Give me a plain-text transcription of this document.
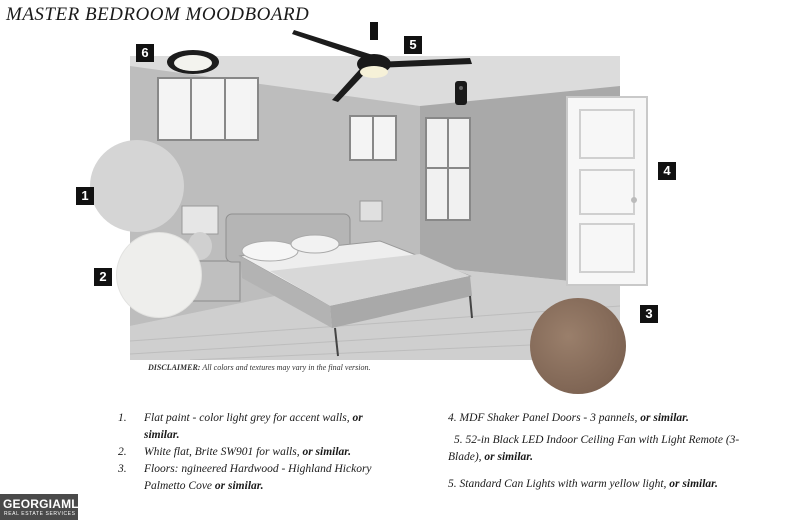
MASTER BEDROOM MOODBOARD
6
5
4
1
2
3
DISCLAIMER: All colors and textures may vary in the final version.
1. Flat paint - color light grey for accent walls, or
similar.
2. White flat, Brite SW901 for walls, or similar.
3. Floors: ngineered Hardwood - Highland Hickory
Palmetto Cove or similar.
4. MDF Shaker Panel Doors - 3 pannels, or similar.
5. 52-in Black LED Indoor Ceiling Fan with Light Remote (3-
Blade), or similar.
5. Standard Can Lights with warm yellow light, or similar.
GEORGIAMLS
REAL ESTATE SERVICES
